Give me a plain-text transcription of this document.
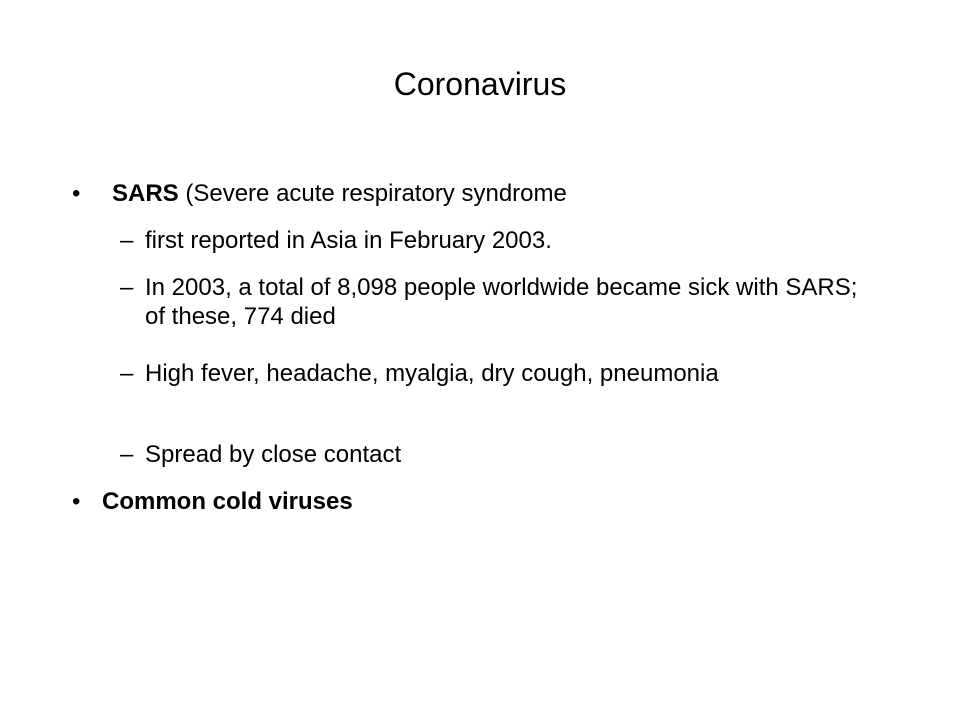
Coronavirus
• SARS (Severe acute respiratory syndrome
– first reported in Asia in February 2003.
– In 2003, a total of 8,098 people worldwide became sick with SARS; of these, 774 died
– High fever, headache, myalgia, dry cough, pneumonia
– Spread by close contact
• Common cold viruses
